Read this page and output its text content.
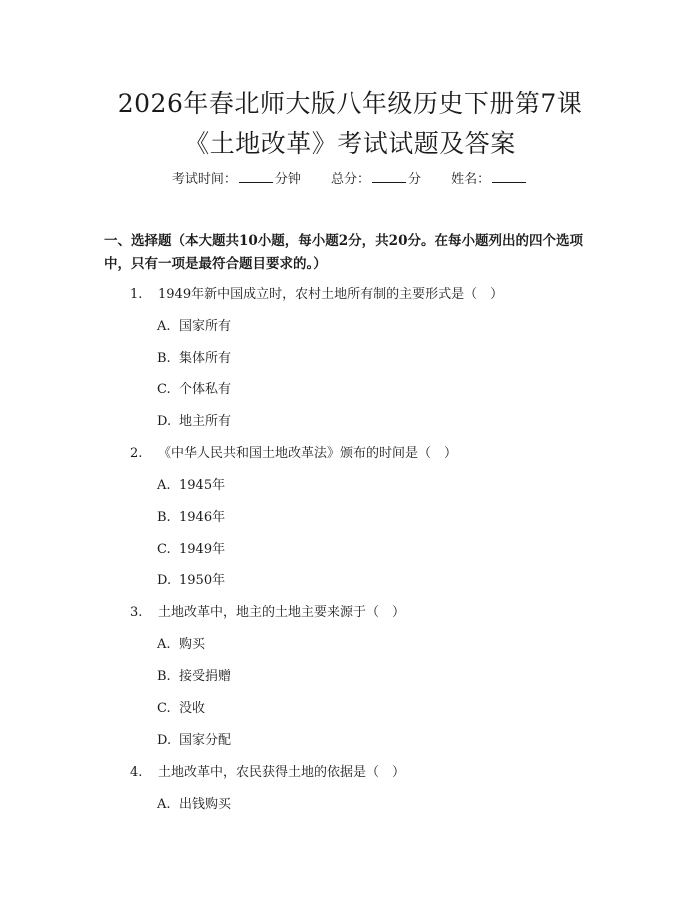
2026年春北师大版八年级历史下册第7课
《土地改革》考试试题及答案
考试时间：	分钟 总分：	分 姓名：

一、选择题（本大题共10小题，每小题2分，共20分。在每小题列出的四个选项中，只有一项是最符合题目要求的。）

1. 1949年新中国成立时，农村土地所有制的主要形式是（　）
A. 国家所有
B. 集体所有
C. 个体私有
D. 地主所有
2. 《中华人民共和国土地改革法》颁布的时间是（　）
A. 1945年
B. 1946年
C. 1949年
D. 1950年
3. 土地改革中，地主的土地主要来源于（　）
A. 购买
B. 接受捐赠
C. 没收
D. 国家分配
4. 土地改革中，农民获得土地的依据是（　）
A. 出钱购买
